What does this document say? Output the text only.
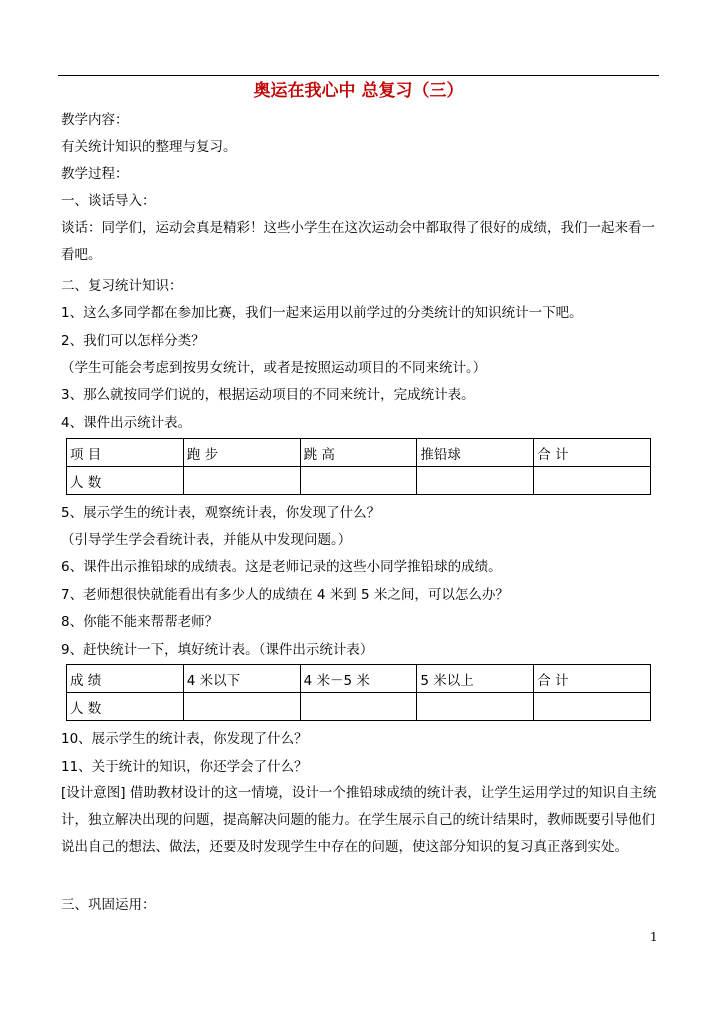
奥运在我心中 总复习（三）
教学内容：
有关统计知识的整理与复习。
教学过程：
一、谈话导入：
谈话：同学们，运动会真是精彩！这些小学生在这次运动会中都取得了很好的成绩，我们一起来看一看吧。
二、复习统计知识：
1、这么多同学都在参加比赛，我们一起来运用以前学过的分类统计的知识统计一下吧。
2、我们可以怎样分类？
（学生可能会考虑到按男女统计，或者是按照运动项目的不同来统计。）
3、那么就按同学们说的，根据运动项目的不同来统计，完成统计表。
4、课件出示统计表。
项 目	跑 步	跳 高	推铅球	合 计
人 数				
5、展示学生的统计表，观察统计表，你发现了什么？
（引导学生学会看统计表，并能从中发现问题。）
6、课件出示推铅球的成绩表。这是老师记录的这些小同学推铅球的成绩。
7、老师想很快就能看出有多少人的成绩在 4 米到 5 米之间，可以怎么办？
8、你能不能来帮帮老师？
9、赶快统计一下，填好统计表。（课件出示统计表）
成 绩	4 米以下	4 米－5 米	5 米以上	合 计
人 数				
10、展示学生的统计表，你发现了什么？
11、关于统计的知识，你还学会了什么？
[设计意图] 借助教材设计的这一情境，设计一个推铅球成绩的统计表，让学生运用学过的知识自主统计，独立解决出现的问题，提高解决问题的能力。在学生展示自己的统计结果时，教师既要引导他们说出自己的想法、做法，还要及时发现学生中存在的问题，使这部分知识的复习真正落到实处。
三、巩固运用：
1
